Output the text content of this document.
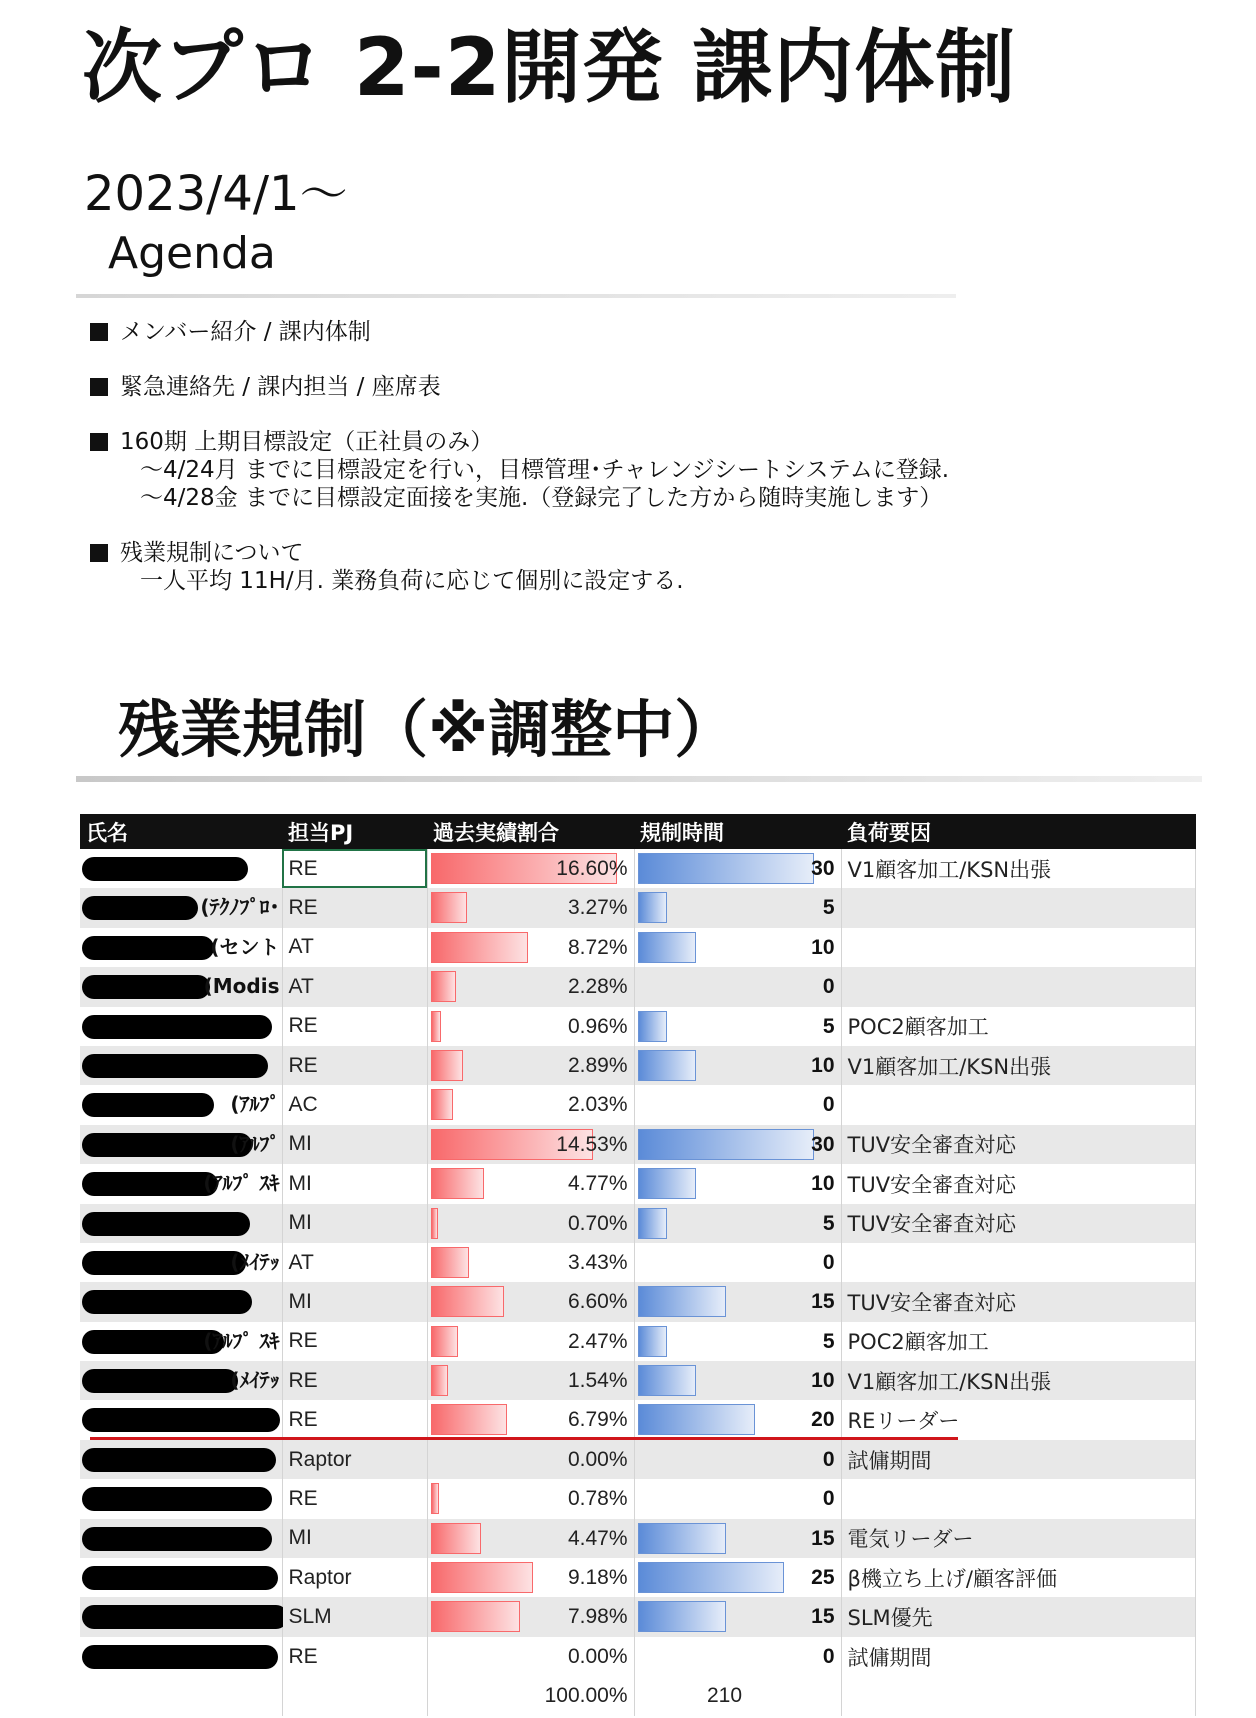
次プロ 2-2開発 課内体制
2023/4/1～
Agenda
メンバー紹介 / 課内体制
緊急連絡先 / 課内担当 / 座席表
160期 上期目標設定（正社員のみ）
～4/24月 までに目標設定を行い，目標管理･チャレンジシートシステムに登録.
～4/28金 までに目標設定面接を実施.（登録完了した方から随時実施します）
残業規制について
一人平均 11H/月. 業務負荷に応じて個別に設定する.
残業規制（※調整中）
氏名	担当PJ	過去実績割合	規制時間	負荷要因

	RE	16.60%	30	V1顧客加工/KSN出張

(ﾃｸﾉﾌﾟﾛ･	RE	3.27%	5	

(セント	AT	8.72%	10	

(Modis	AT	2.28%	0	

	RE	0.96%	5	POC2顧客加工

	RE	2.89%	10	V1顧客加工/KSN出張

(ｱﾙﾌﾟ	AC	2.03%	0	

(ｱﾙﾌﾟ	MI	14.53%	30	TUV安全審査対応

(ｱﾙﾌﾟ ｽｷ	MI	4.77%	10	TUV安全審査対応

	MI	0.70%	5	TUV安全審査対応

(ﾒｲﾃｯ	AT	3.43%	0	

	MI	6.60%	15	TUV安全審査対応

(ｱﾙﾌﾟ ｽｷ	RE	2.47%	5	POC2顧客加工

(ﾒｲﾃｯ	RE	1.54%	10	V1顧客加工/KSN出張

	RE	6.79%	20	REリーダー

	Raptor	0.00%	0	試傭期間

	RE	0.78%	0	

	MI	4.47%	15	電気リーダー

	Raptor	9.18%	25	β機立ち上げ/顧客評価

	SLM	7.98%	15	SLM優先

	RE	0.00%	0	試傭期間

		100.00%	210	
